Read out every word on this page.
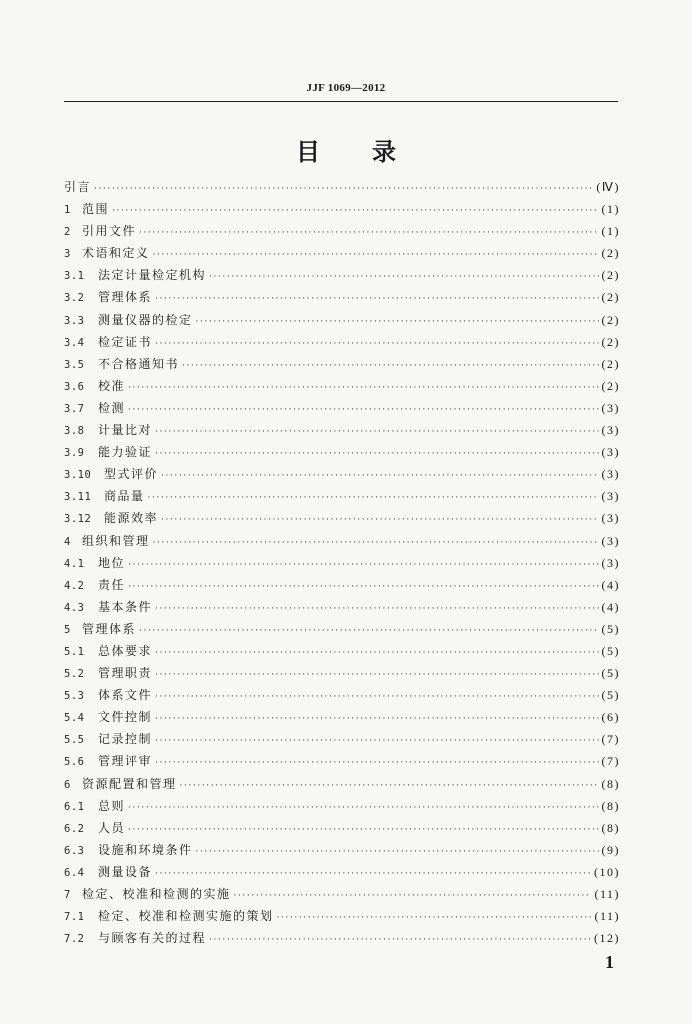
JJF 1069—2012
目 录
引言 ·····	(Ⅳ)
1 范围 ·····	(1)
2 引用文件 ·····	(1)
3 术语和定义 ·····	(2)
3.1	法定计量检定机构 ·····	(2)
3.2	管理体系 ·····	(2)
3.3	测量仪器的检定 ·····	(2)
3.4	检定证书 ·····	(2)
3.5	不合格通知书 ·····	(2)
3.6	校准 ·····	(2)
3.7	检测 ·····	(3)
3.8	计量比对 ·····	(3)
3.9	能力验证 ·····	(3)
3.10	型式评价 ·····	(3)
3.11	商品量 ·····	(3)
3.12	能源效率 ·····	(3)
4 组织和管理 ·····	(3)
4.1	地位 ·····	(3)
4.2	责任 ·····	(4)
4.3	基本条件 ·····	(4)
5 管理体系 ·····	(5)
5.1	总体要求 ·····	(5)
5.2	管理职责 ·····	(5)
5.3	体系文件 ·····	(5)
5.4	文件控制 ·····	(6)
5.5	记录控制 ·····	(7)
5.6	管理评审 ·····	(7)
6 资源配置和管理 ·····	(8)
6.1	总则 ·····	(8)
6.2	人员 ·····	(8)
6.3	设施和环境条件 ·····	(9)
6.4	测量设备 ·····	(10)
7 检定、校准和检测的实施 ·····	(11)
7.1	检定、校准和检测实施的策划 ·····	(11)
7.2	与顾客有关的过程 ·····	(12)
1
